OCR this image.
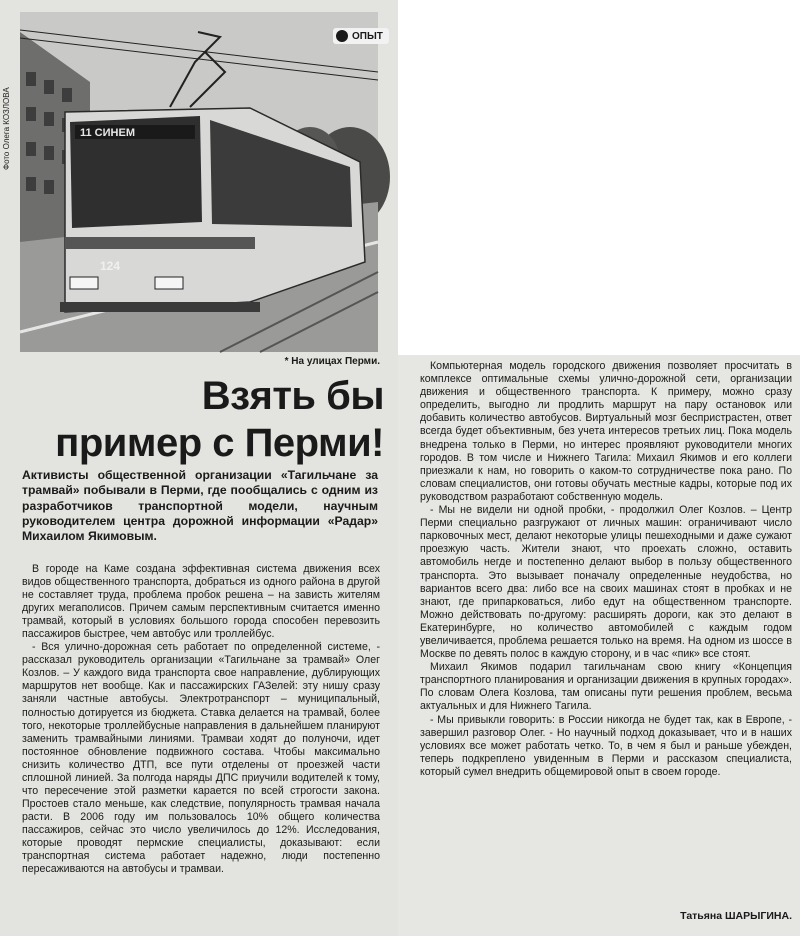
11 СИНЕМ
124
ОПЫТ
Фото Олега КОЗЛОВА
* На улицах Перми.
Взять бы
пример с Перми!
Активисты общественной организации «Тагильчане за трамвай» побывали в Перми, где пообщались с одним из разработчиков транспортной модели, научным руководителем центра дорожной информации «Радар» Михаилом Якимовым.

В городе на Каме создана эффективная система движения всех видов общественного транспорта, добраться из одного района в другой не составляет труда, проблема пробок решена – на зависть жителям других мегаполисов. Причем самым перспективным считается именно трамвай, который в условиях большого города способен перевозить пассажиров быстрее, чем автобус или троллейбус.

- Вся улично-дорожная сеть работает по определенной системе, - рассказал руководитель организации «Тагильчане за трамвай» Олег Козлов. – У каждого вида транспорта свое направление, дублирующих маршрутов нет вообще. Как и пассажирских ГАЗелей: эту нишу сразу заняли частные автобусы. Электротранспорт – муниципальный, полностью дотируется из бюджета. Ставка делается на трамвай, более того, некоторые троллейбусные направления в дальнейшем планируют заменить трамвайными линиями. Трамваи ходят до полуночи, идет постоянное обновление подвижного состава. Чтобы максимально снизить количество ДТП, все пути отделены от проезжей части сплошной линией. За полгода наряды ДПС приучили водителей к тому, что пересечение этой разметки карается по всей строгости закона. Простоев стало меньше, как следствие, популярность трамвая начала расти. В 2006 году им пользовалось 10% общего количества пассажиров, сейчас это число увеличилось до 12%. Исследования, которые проводят пермские специалисты, доказывают: если транспортная система работает надежно, люди постепенно пересаживаются на автобусы и трамваи.

Компьютерная модель городского движения позволяет просчитать в комплексе оптимальные схемы улично-дорожной сети, организации движения и общественного транспорта. К примеру, можно сразу определить, выгодно ли продлить маршрут на пару остановок или добавить количество автобусов. Виртуальный мозг беспристрастен, ответ всегда будет объективным, без учета интересов третьих лиц. Пока модель внедрена только в Перми, но интерес проявляют руководители многих городов. В том числе и Нижнего Тагила: Михаил Якимов и его коллеги приезжали к нам, но говорить о каком-то сотрудничестве пока рано. По словам специалистов, они готовы обучать местные кадры, которые под их руководством разработают собственную модель.

- Мы не видели ни одной пробки, - продолжил Олег Козлов. – Центр Перми специально разгружают от личных машин: ограничивают число парковочных мест, делают некоторые улицы пешеходными и даже сужают проезжую часть. Жители знают, что проехать сложно, оставить автомобиль негде и постепенно делают выбор в пользу общественного транспорта. Это вызывает поначалу определенные неудобства, но вариантов всего два: либо все на своих машинах стоят в пробках и не знают, где припарковаться, либо едут на общественном транспорте. Можно действовать по-другому: расширять дороги, как это делают в Екатеринбурге, но количество автомобилей с каждым годом увеличивается, проблема решается только на время. На одном из шоссе в Москве по девять полос в каждую сторону, и в час «пик» все стоят.

Михаил Якимов подарил тагильчанам свою книгу «Концепция транспортного планирования и организации движения в крупных городах». По словам Олега Козлова, там описаны пути решения проблем, весьма актуальных и для Нижнего Тагила.

- Мы привыкли говорить: в России никогда не будет так, как в Европе, - завершил разговор Олег. - Но научный подход доказывает, что и в наших условиях все может работать четко. То, в чем я был и раньше убежден, теперь подкреплено увиденным в Перми и рассказом специалиста, который сумел внедрить общемировой опыт в своем городе.

Татьяна ШАРЫГИНА.
